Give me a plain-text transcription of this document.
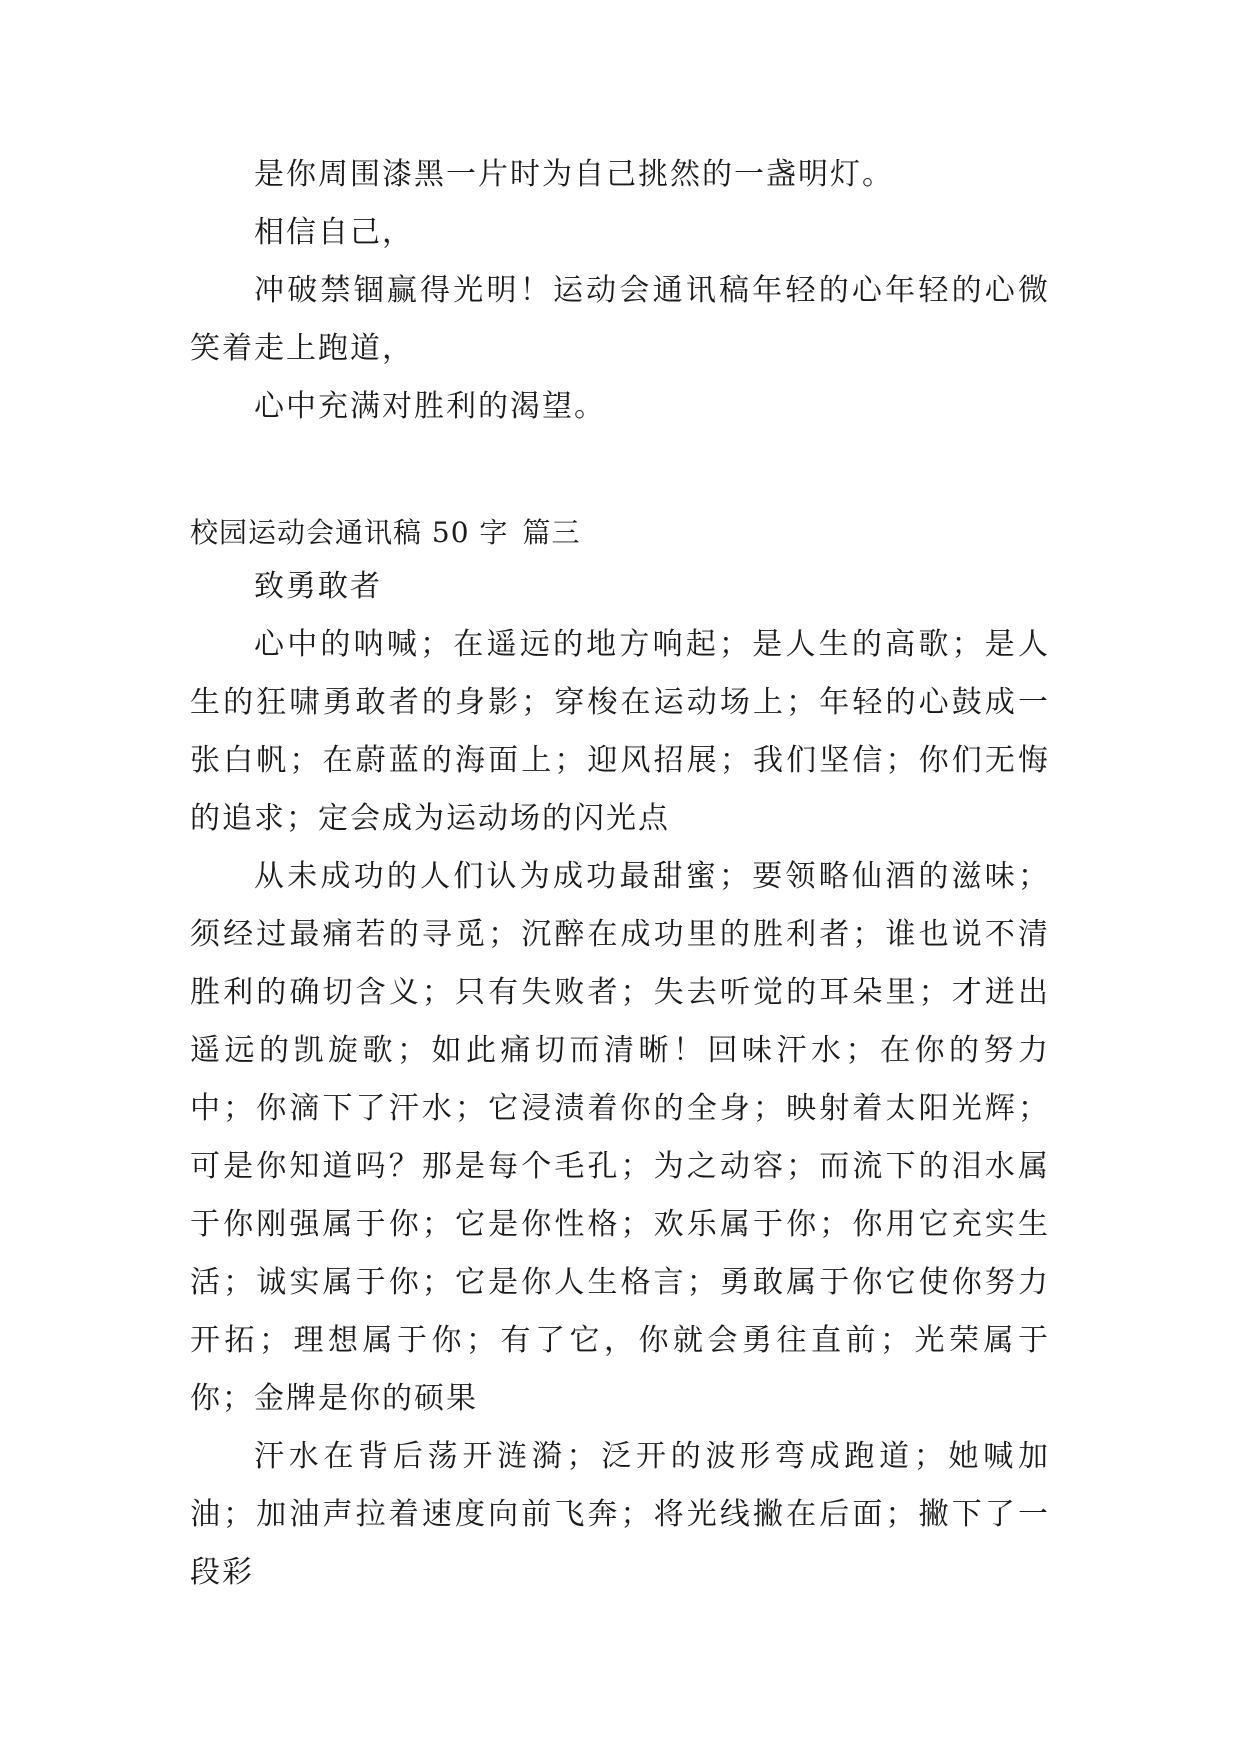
是你周围漆黑一片时为自己挑然的一盏明灯。

相信自己，

冲破禁锢赢得光明！运动会通讯稿年轻的心年轻的心微笑着走上跑道，

心中充满对胜利的渴望。

校园运动会通讯稿 50 字 篇三

致勇敢者

心中的呐喊；在遥远的地方响起；是人生的高歌；是人生的狂啸勇敢者的身影；穿梭在运动场上；年轻的心鼓成一张白帆；在蔚蓝的海面上；迎风招展；我们坚信；你们无悔的追求；定会成为运动场的闪光点

从未成功的人们认为成功最甜蜜；要领略仙酒的滋味；须经过最痛若的寻觅；沉醉在成功里的胜利者；谁也说不清胜利的确切含义；只有失败者；失去听觉的耳朵里；才迸出遥远的凯旋歌；如此痛切而清晰！回味汗水；在你的努力中；你滴下了汗水；它浸渍着你的全身；映射着太阳光辉；可是你知道吗？那是每个毛孔；为之动容；而流下的泪水属于你刚强属于你；它是你性格；欢乐属于你；你用它充实生活；诚实属于你；它是你人生格言；勇敢属于你它使你努力开拓；理想属于你；有了它，你就会勇往直前；光荣属于你；金牌是你的硕果

汗水在背后荡开涟漪；泛开的波形弯成跑道；她喊加油；加油声拉着速度向前飞奔；将光线撇在后面；撇下了一段彩
